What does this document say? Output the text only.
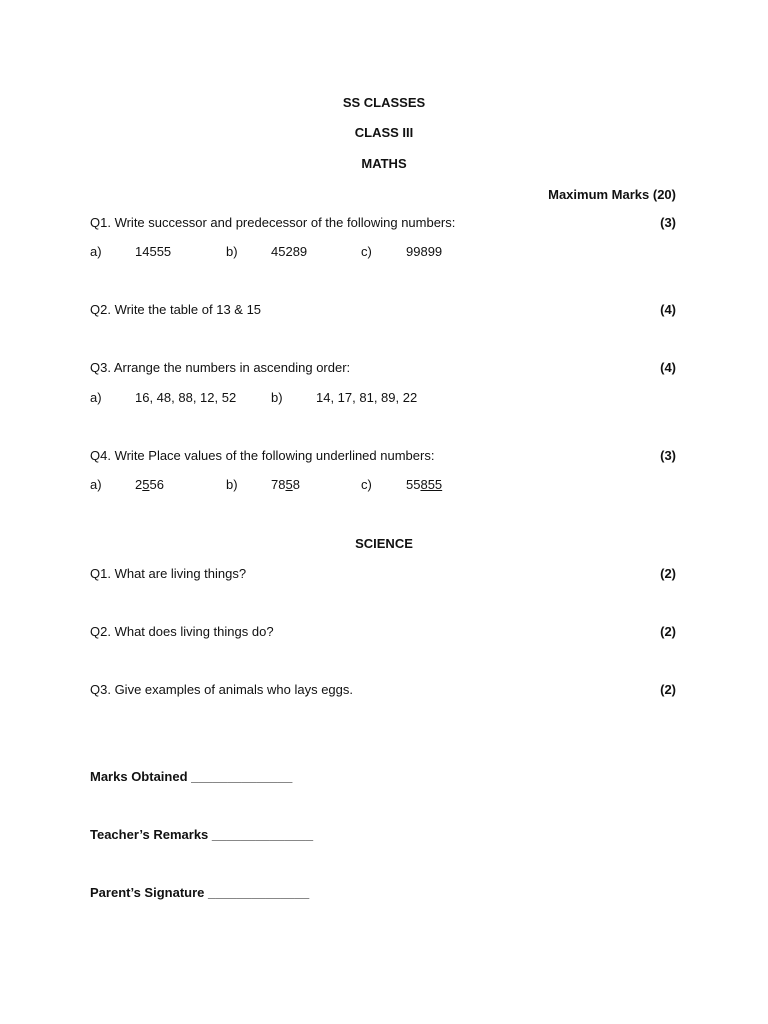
SS CLASSES
CLASS III
MATHS
Maximum Marks (20)
Q1. Write successor and predecessor of the following numbers:	(3)
a)	14555	b)	45289	c)	99899
Q2. Write the table of 13 & 15	(4)
Q3. Arrange the numbers in ascending order:	(4)
a)	16, 48, 88, 12, 52	b)	14, 17, 81, 89, 22
Q4. Write Place values of the following underlined numbers:	(3)
a)	2556	b)	7858	c)	55855
SCIENCE
Q1. What are living things?	(2)
Q2. What does living things do?	(2)
Q3. Give examples of animals who lays eggs.	(2)
Marks Obtained ______________
Teacher’s Remarks ______________
Parent’s Signature ______________
